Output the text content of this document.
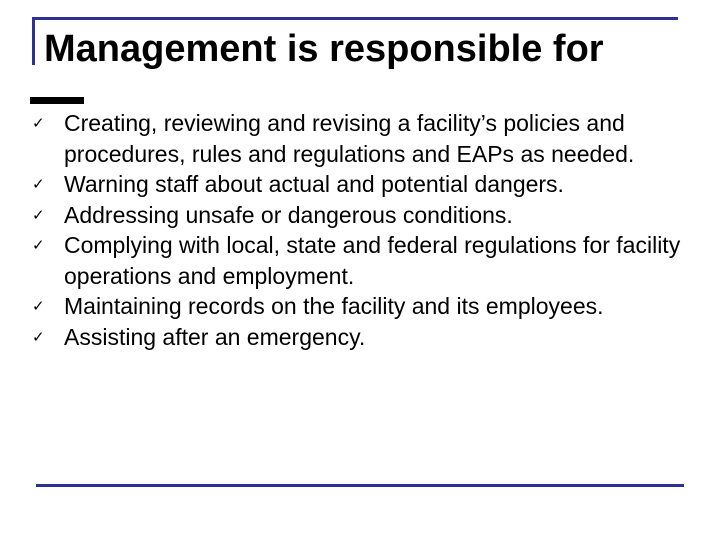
Management is responsible for
✓ Creating, reviewing and revising a facility’s policies and procedures, rules and regulations and EAPs as needed.
✓ Warning staff about actual and potential dangers.
✓ Addressing unsafe or dangerous conditions.
✓ Complying with local, state and federal regulations for facility operations and employment.
✓ Maintaining records on the facility and its employees.
✓ Assisting after an emergency.
